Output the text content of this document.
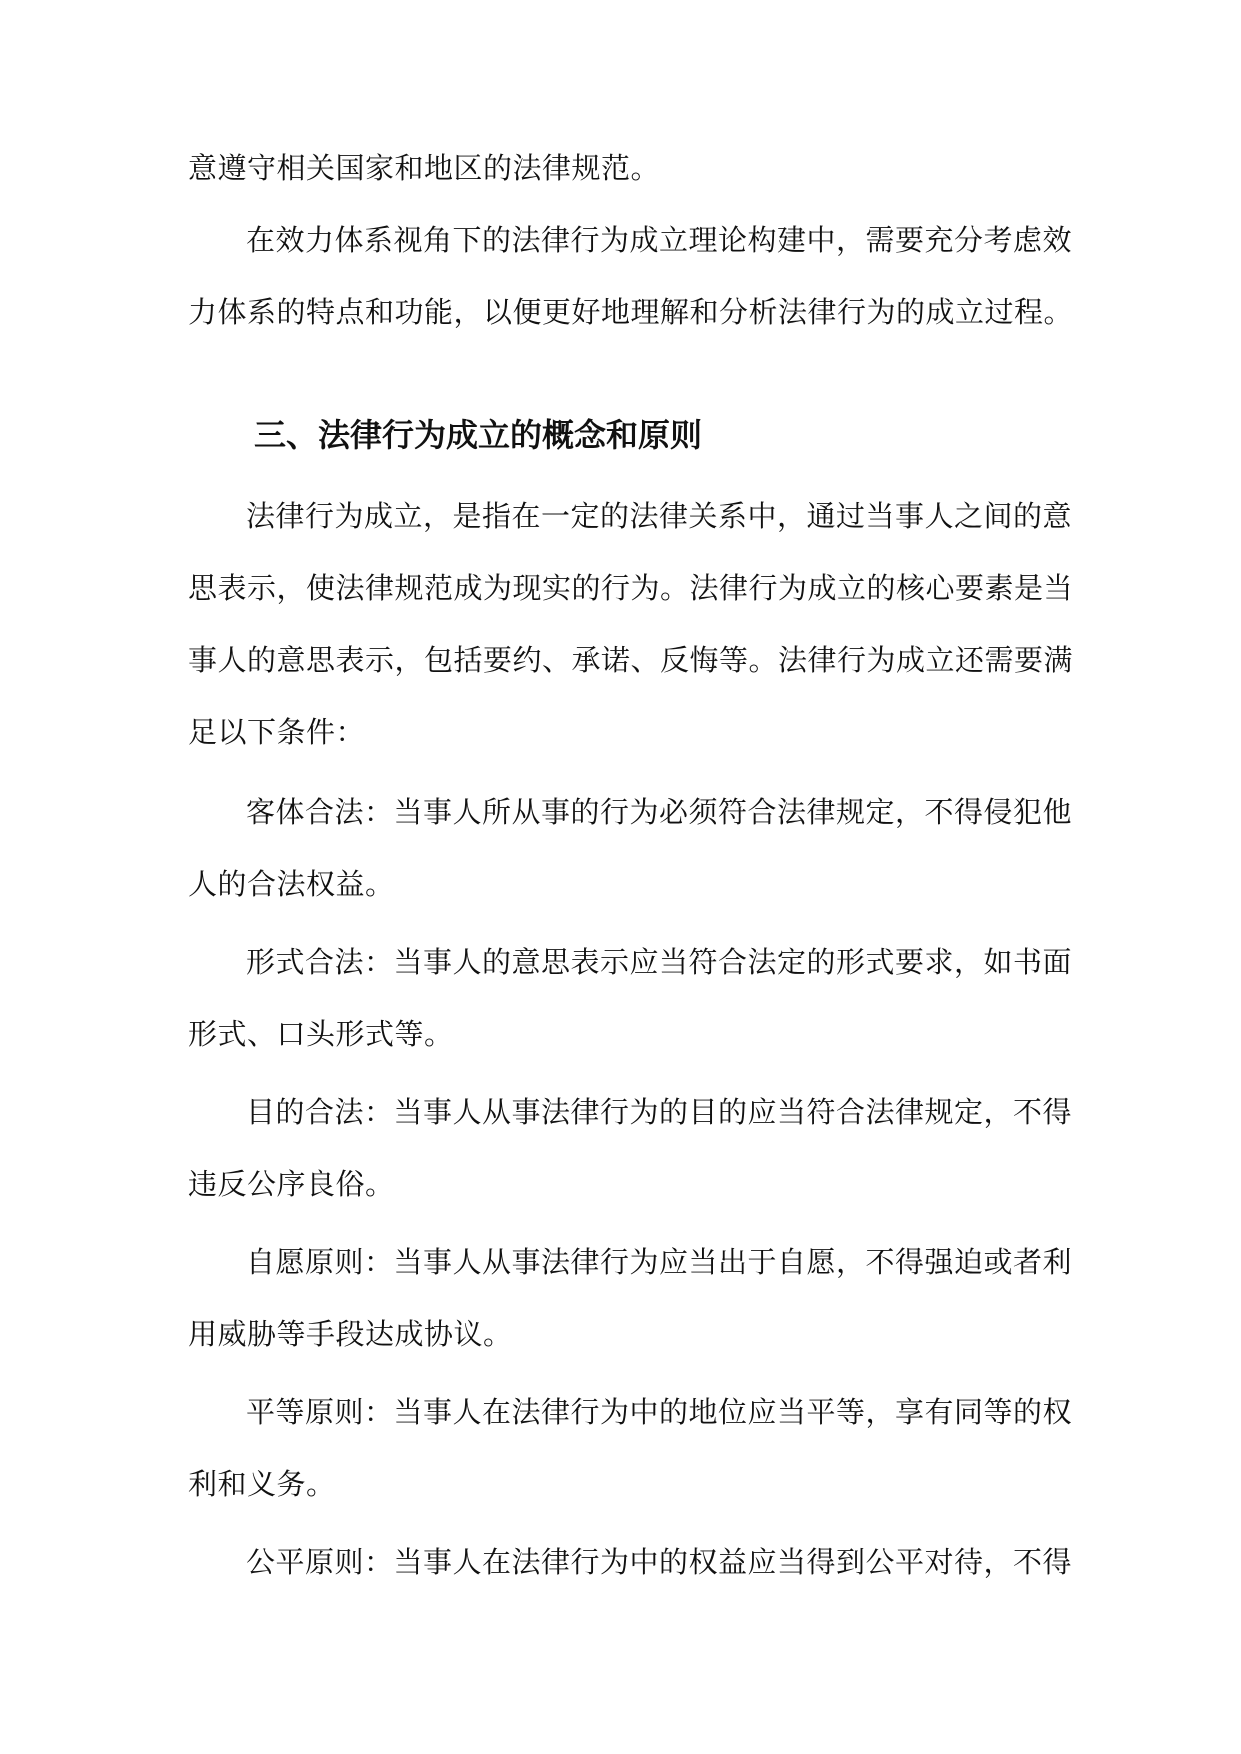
意遵守相关国家和地区的法律规范。
在效力体系视角下的法律行为成立理论构建中，需要充分考虑效
力体系的特点和功能，以便更好地理解和分析法律行为的成立过程。
三、法律行为成立的概念和原则
法律行为成立，是指在一定的法律关系中，通过当事人之间的意
思表示，使法律规范成为现实的行为。法律行为成立的核心要素是当
事人的意思表示，包括要约、承诺、反悔等。法律行为成立还需要满
足以下条件：
客体合法：当事人所从事的行为必须符合法律规定，不得侵犯他
人的合法权益。
形式合法：当事人的意思表示应当符合法定的形式要求，如书面
形式、口头形式等。
目的合法：当事人从事法律行为的目的应当符合法律规定，不得
违反公序良俗。
自愿原则：当事人从事法律行为应当出于自愿，不得强迫或者利
用威胁等手段达成协议。
平等原则：当事人在法律行为中的地位应当平等，享有同等的权
利和义务。
公平原则：当事人在法律行为中的权益应当得到公平对待，不得
